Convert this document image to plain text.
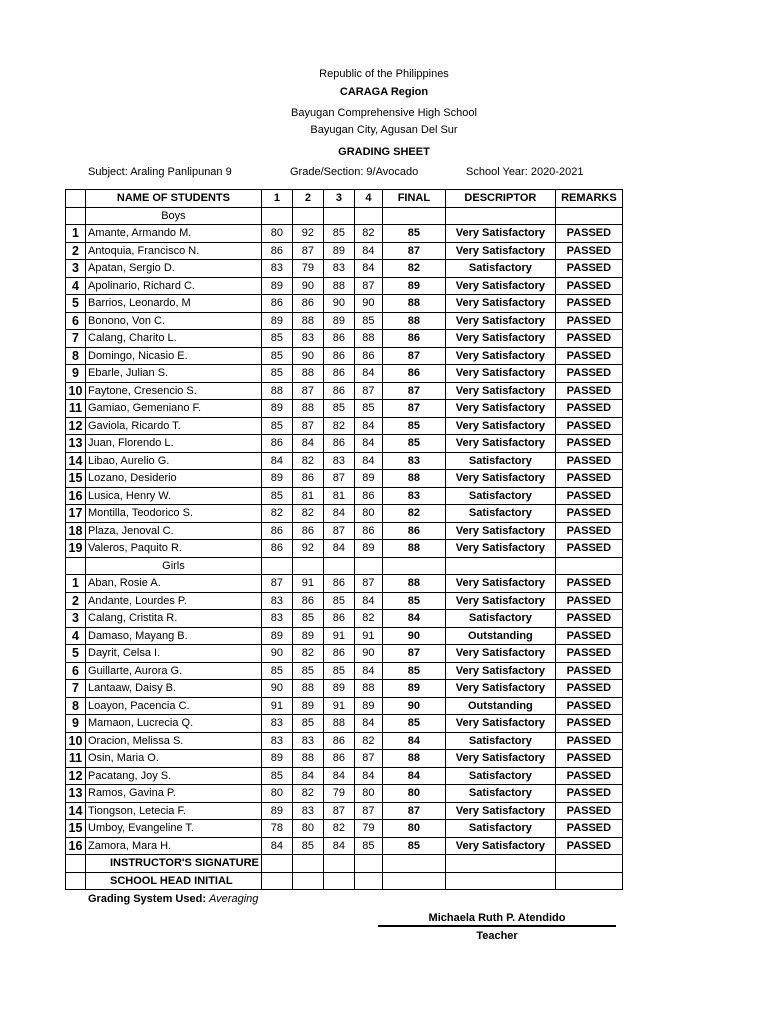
Republic of the Philippines
CARAGA Region
Bayugan Comprehensive High School
Bayugan City, Agusan Del Sur
GRADING SHEET
Subject: Araling Panlipunan 9	Grade/Section: 9/Avocado	School Year: 2020-2021
	NAME OF STUDENTS	1	2	3	4	FINAL	DESCRIPTOR	REMARKS
	Boys							
1	Amante, Armando M.	80	92	85	82	85	Very Satisfactory	PASSED
2	Antoquia, Francisco N.	86	87	89	84	87	Very Satisfactory	PASSED
3	Apatan, Sergio D.	83	79	83	84	82	Satisfactory	PASSED
4	Apolinario, Richard C.	89	90	88	87	89	Very Satisfactory	PASSED
5	Barrios, Leonardo, M	86	86	90	90	88	Very Satisfactory	PASSED
6	Bonono, Von C.	89	88	89	85	88	Very Satisfactory	PASSED
7	Calang, Charito L.	85	83	86	88	86	Very Satisfactory	PASSED
8	Domingo, Nicasio E.	85	90	86	86	87	Very Satisfactory	PASSED
9	Ebarle, Julian S.	85	88	86	84	86	Very Satisfactory	PASSED
10	Faytone, Cresencio S.	88	87	86	87	87	Very Satisfactory	PASSED
11	Gamiao, Gemeniano F.	89	88	85	85	87	Very Satisfactory	PASSED
12	Gaviola, Ricardo T.	85	87	82	84	85	Very Satisfactory	PASSED
13	Juan, Florendo L.	86	84	86	84	85	Very Satisfactory	PASSED
14	Libao, Aurelio G.	84	82	83	84	83	Satisfactory	PASSED
15	Lozano, Desiderio	89	86	87	89	88	Very Satisfactory	PASSED
16	Lusica, Henry W.	85	81	81	86	83	Satisfactory	PASSED
17	Montilla, Teodorico S.	82	82	84	80	82	Satisfactory	PASSED
18	Plaza, Jenoval C.	86	86	87	86	86	Very Satisfactory	PASSED
19	Valeros, Paquito R.	86	92	84	89	88	Very Satisfactory	PASSED
	Girls							
1	Aban, Rosie A.	87	91	86	87	88	Very Satisfactory	PASSED
2	Andante, Lourdes P.	83	86	85	84	85	Very Satisfactory	PASSED
3	Calang, Cristita R.	83	85	86	82	84	Satisfactory	PASSED
4	Damaso, Mayang B.	89	89	91	91	90	Outstanding	PASSED
5	Dayrit, Celsa I.	90	82	86	90	87	Very Satisfactory	PASSED
6	Guillarte, Aurora G.	85	85	85	84	85	Very Satisfactory	PASSED
7	Lantaaw, Daisy B.	90	88	89	88	89	Very Satisfactory	PASSED
8	Loayon, Pacencia C.	91	89	91	89	90	Outstanding	PASSED
9	Mamaon, Lucrecia Q.	83	85	88	84	85	Very Satisfactory	PASSED
10	Oracion, Melissa S.	83	83	86	82	84	Satisfactory	PASSED
11	Osin, Maria O.	89	88	86	87	88	Very Satisfactory	PASSED
12	Pacatang, Joy S.	85	84	84	84	84	Satisfactory	PASSED
13	Ramos, Gavina P.	80	82	79	80	80	Satisfactory	PASSED
14	Tiongson, Letecia F.	89	83	87	87	87	Very Satisfactory	PASSED
15	Umboy, Evangeline T.	78	80	82	79	80	Satisfactory	PASSED
16	Zamora, Mara H.	84	85	84	85	85	Very Satisfactory	PASSED
	INSTRUCTOR'S SIGNATURE							
	SCHOOL HEAD INITIAL							
Grading System Used: Averaging
Michaela Ruth P. Atendido
Teacher
